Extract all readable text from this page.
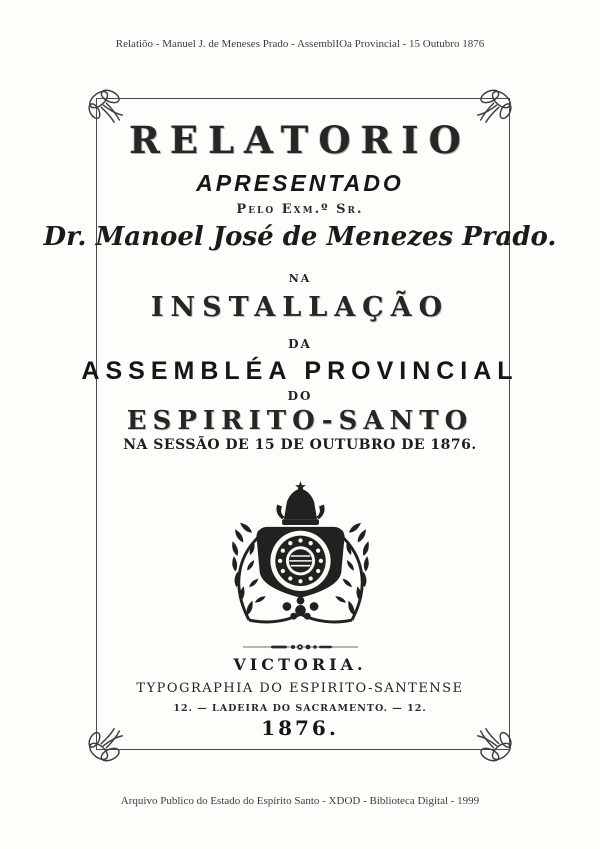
Relatiõo - Manuel J. de Meneses Prado - AssemblIOa Provincial - 15 Outubro 1876
RELATORIO
APRESENTADO
Pelo Exm.º Sr.
Dr. Manoel José de Menezes Prado.
NA
INSTALLAÇÃO
DA
ASSEMBLÉA PROVINCIAL
DO
ESPIRITO-SANTO
NA SESSÃO DE 15 DE OUTUBRO DE 1876.
VICTORIA.
TYPOGRAPHIA DO ESPIRITO-SANTENSE
12. — LADEIRA DO SACRAMENTO. — 12.
1876.
Arquivo Publico do Estado do Espírito Santo - XDOD - Biblioteca Digital - 1999
